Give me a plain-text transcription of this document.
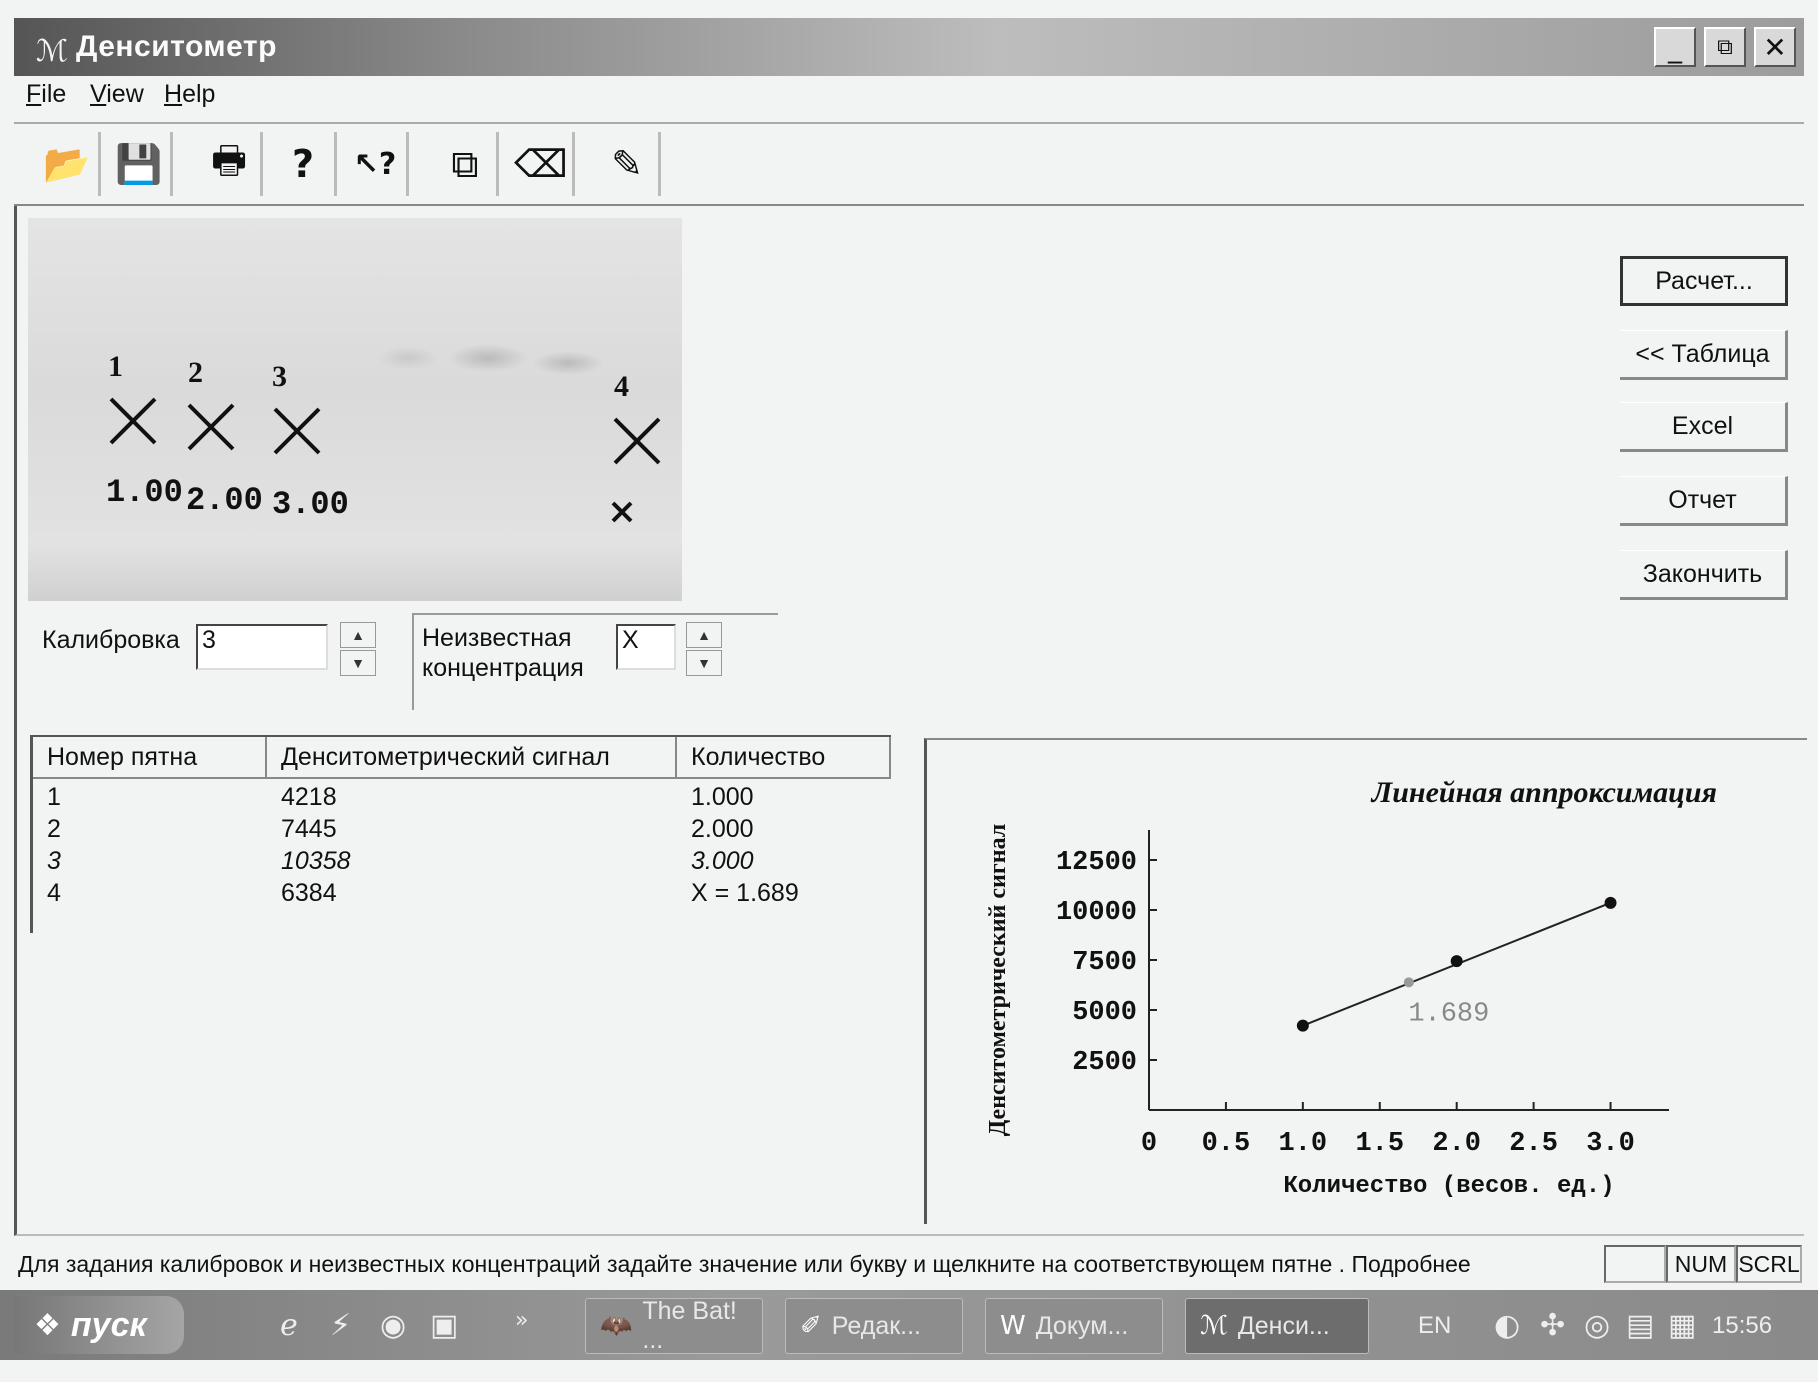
ℳ Денситометр	_ ⧉ ✕
File View Help
📂 💾 🖶 ? ↖? ⧉ ⌫ ✎
1
1.00
2
2.00
3
3.00
4
Расчет...
<< Таблица
Excel
Отчет
Закончить
Калибровка 3	▲
▼
Неизвестная
концентрация
X	▲
▼
Номер пятна	Денситометрический сигнал	Количество
1	4218	1.000
2	7445	2.000
3	10358	3.000
4	6384	X = 1.689
Линейная аппроксимация
Денситометрический сигнал
Количество (весов. ед.)
0 0.5 1.0 1.5 2.0 2.5 3.0
2500
5000
7500
10000
12500
1.689
Для задания калибровок и неизвестных концентраций задайте значение или букву и щелкните на соответствующем пятне . Подробнее	NUM SCRL
❖ пуск	ℯ ⚡ ◉ ▣	»	🦇 The Bat! ...	✐ Редак...	W Докум...	ℳ Денси...	EN ◐ ✣ ◎ ▤ ▦ 15:56
